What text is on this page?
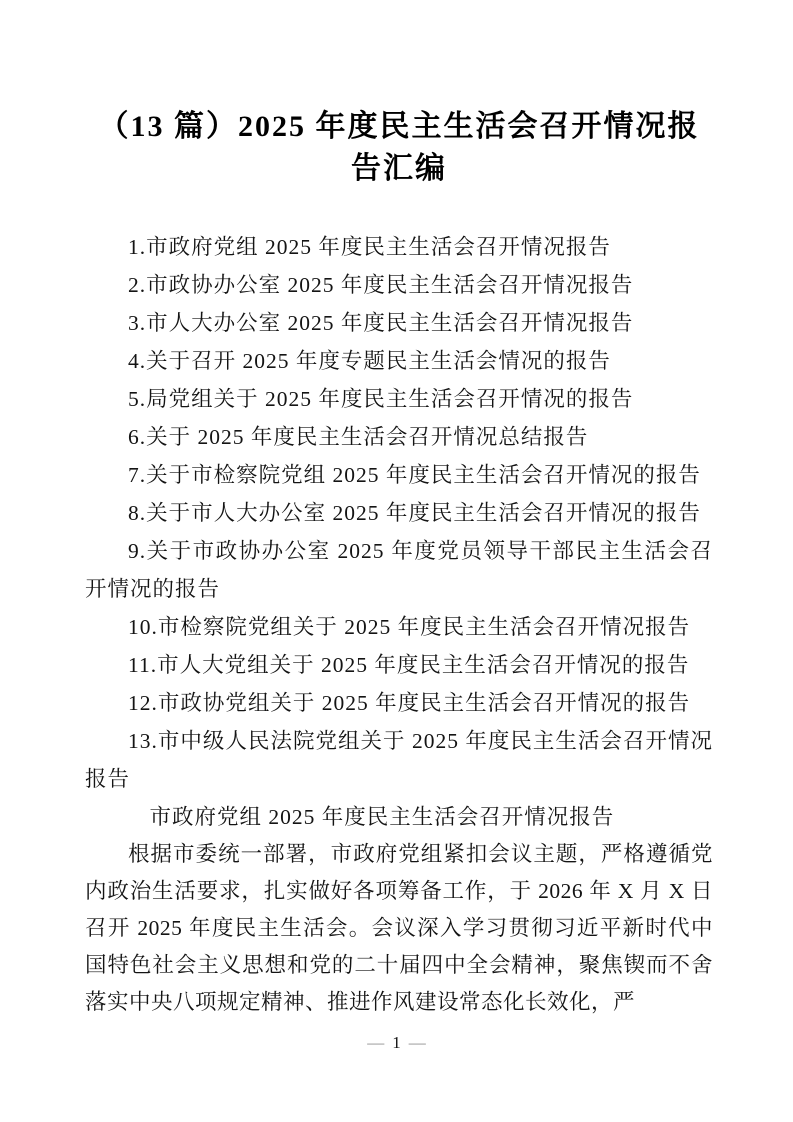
（13 篇）2025 年度民主生活会召开情况报告汇编

1.市政府党组 2025 年度民主生活会召开情况报告

2.市政协办公室 2025 年度民主生活会召开情况报告

3.市人大办公室 2025 年度民主生活会召开情况报告

4.关于召开 2025 年度专题民主生活会情况的报告

5.局党组关于 2025 年度民主生活会召开情况的报告

6.关于 2025 年度民主生活会召开情况总结报告

7.关于市检察院党组 2025 年度民主生活会召开情况的报告

8.关于市人大办公室 2025 年度民主生活会召开情况的报告

9.关于市政协办公室 2025 年度党员领导干部民主生活会召开情况的报告

10.市检察院党组关于 2025 年度民主生活会召开情况报告

11.市人大党组关于 2025 年度民主生活会召开情况的报告

12.市政协党组关于 2025 年度民主生活会召开情况的报告

13.市中级人民法院党组关于 2025 年度民主生活会召开情况报告

市政府党组 2025 年度民主生活会召开情况报告

根据市委统一部署，市政府党组紧扣会议主题，严格遵循党内政治生活要求，扎实做好各项筹备工作，于 2026 年 X 月 X 日召开 2025 年度民主生活会。会议深入学习贯彻习近平新时代中国特色社会主义思想和党的二十届四中全会精神，聚焦锲而不舍落实中央八项规定精神、推进作风建设常态化长效化，严

— 1 —
